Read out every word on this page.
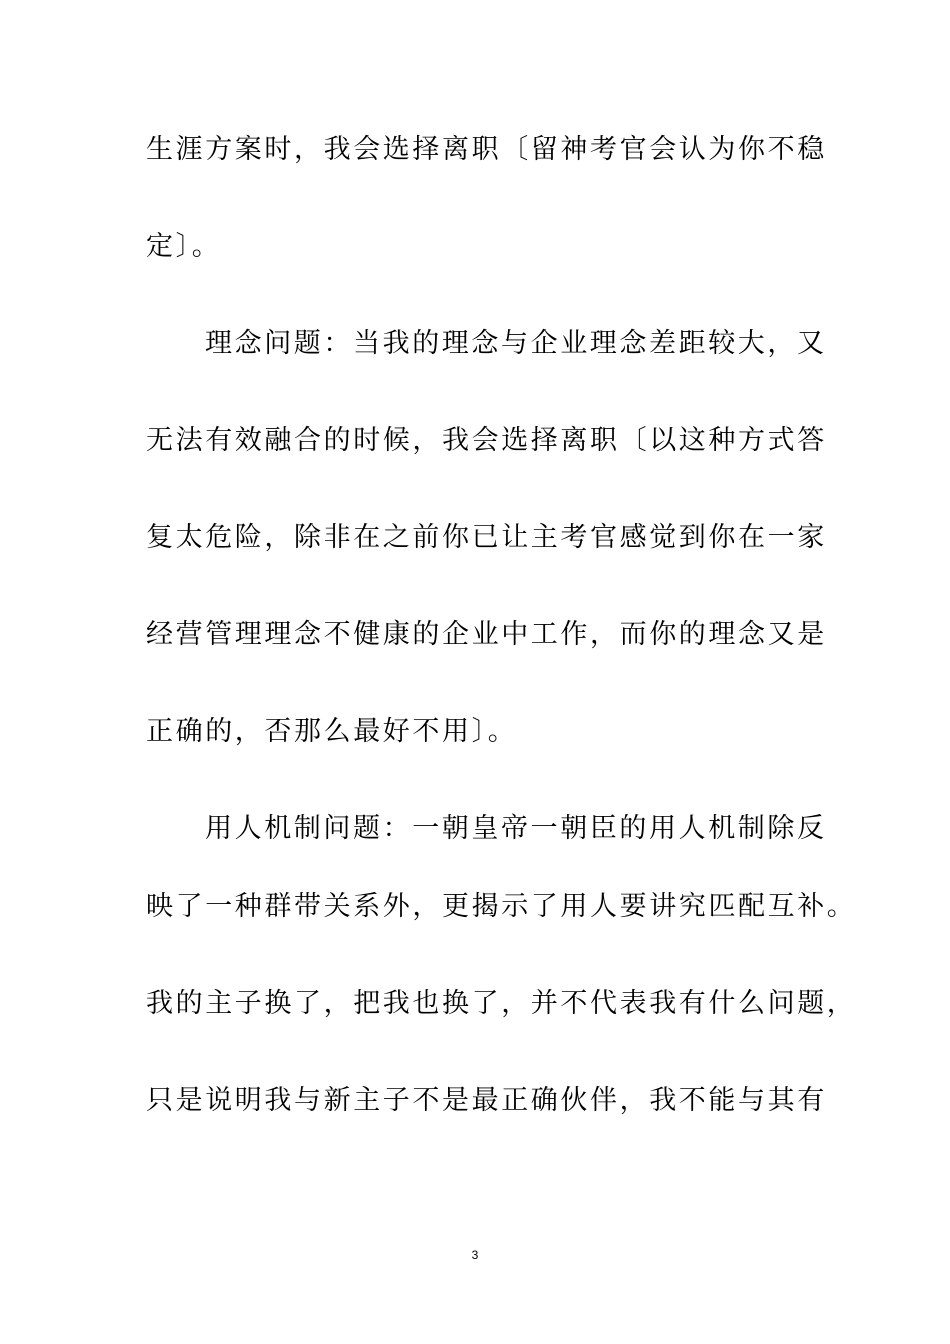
生涯方案时，我会选择离职〔留神考官会认为你不稳
定〕。
理念问题：当我的理念与企业理念差距较大，又
无法有效融合的时候，我会选择离职〔以这种方式答
复太危险，除非在之前你已让主考官感觉到你在一家
经营管理理念不健康的企业中工作，而你的理念又是
正确的，否那么最好不用〕。
用人机制问题：一朝皇帝一朝臣的用人机制除反
映了一种群带关系外，更揭示了用人要讲究匹配互补。
我的主子换了，把我也换了，并不代表我有什么问题，
只是说明我与新主子不是最正确伙伴，我不能与其有
3
